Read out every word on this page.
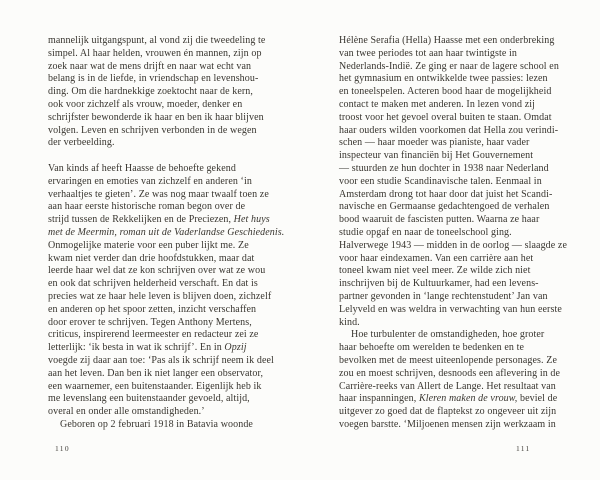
mannelijk uitgangspunt, al vond zij die tweedeling te
simpel. Al haar helden, vrouwen én mannen, zijn op
zoek naar wat de mens drijft en naar wat echt van
belang is in de liefde, in vriendschap en levenshou-
ding. Om die hardnekkige zoektocht naar de kern,
ook voor zichzelf als vrouw, moeder, denker en
schrijfster bewonderde ik haar en ben ik haar blijven
volgen. Leven en schrijven verbonden in de wegen
der verbeelding.

Van kinds af heeft Haasse de behoefte gekend
ervaringen en emoties van zichzelf en anderen ‘in
verhaaltjes te gieten’. Ze was nog maar twaalf toen ze
aan haar eerste historische roman begon over de
strijd tussen de Rekkelijken en de Preciezen, Het huys
met de Meermin, roman uit de Vaderlandse Geschiedenis.
Onmogelijke materie voor een puber lijkt me. Ze
kwam niet verder dan drie hoofdstukken, maar dat
leerde haar wel dat ze kon schrijven over wat ze wou
en ook dat schrijven helderheid verschaft. En dat is
precies wat ze haar hele leven is blijven doen, zichzelf
en anderen op het spoor zetten, inzicht verschaffen
door erover te schrijven. Tegen Anthony Mertens,
criticus, inspirerend leermeester en redacteur zei ze
letterlijk: ‘ik besta in wat ik schrijf’. En in Opzij
voegde zij daar aan toe: ‘Pas als ik schrijf neem ik deel
aan het leven. Dan ben ik niet langer een observator,
een waarnemer, een buitenstaander. Eigenlijk heb ik
me levenslang een buitenstaander gevoeld, altijd,
overal en onder alle omstandigheden.’
Geboren op 2 februari 1918 in Batavia woonde
Hélène Serafia (Hella) Haasse met een onderbreking
van twee periodes tot aan haar twintigste in
Nederlands-Indië. Ze ging er naar de lagere school en
het gymnasium en ontwikkelde twee passies: lezen
en toneelspelen. Acteren bood haar de mogelijkheid
contact te maken met anderen. In lezen vond zij
troost voor het gevoel overal buiten te staan. Omdat
haar ouders wilden voorkomen dat Hella zou verindi-
schen — haar moeder was pianiste, haar vader
inspecteur van financiën bij Het Gouvernement
— stuurden ze hun dochter in 1938 naar Nederland
voor een studie Scandinavische talen. Eenmaal in
Amsterdam drong tot haar door dat juist het Scandi-
navische en Germaanse gedachtengoed de verhalen
bood waaruit de fascisten putten. Waarna ze haar
studie opgaf en naar de toneelschool ging.
Halverwege 1943 — midden in de oorlog — slaagde ze
voor haar eindexamen. Van een carrière aan het
toneel kwam niet veel meer. Ze wilde zich niet
inschrijven bij de Kultuurkamer, had een levens-
partner gevonden in ‘lange rechtenstudent’ Jan van
Lelyveld en was weldra in verwachting van hun eerste
kind.
Hoe turbulenter de omstandigheden, hoe groter
haar behoefte om werelden te bedenken en te
bevolken met de meest uiteenlopende personages. Ze
zou en moest schrijven, desnoods een aflevering in de
Carrière-reeks van Allert de Lange. Het resultaat van
haar inspanningen, Kleren maken de vrouw, beviel de
uitgever zo goed dat de flaptekst zo ongeveer uit zijn
voegen barstte. ‘Miljoenen mensen zijn werkzaam in
110	111
